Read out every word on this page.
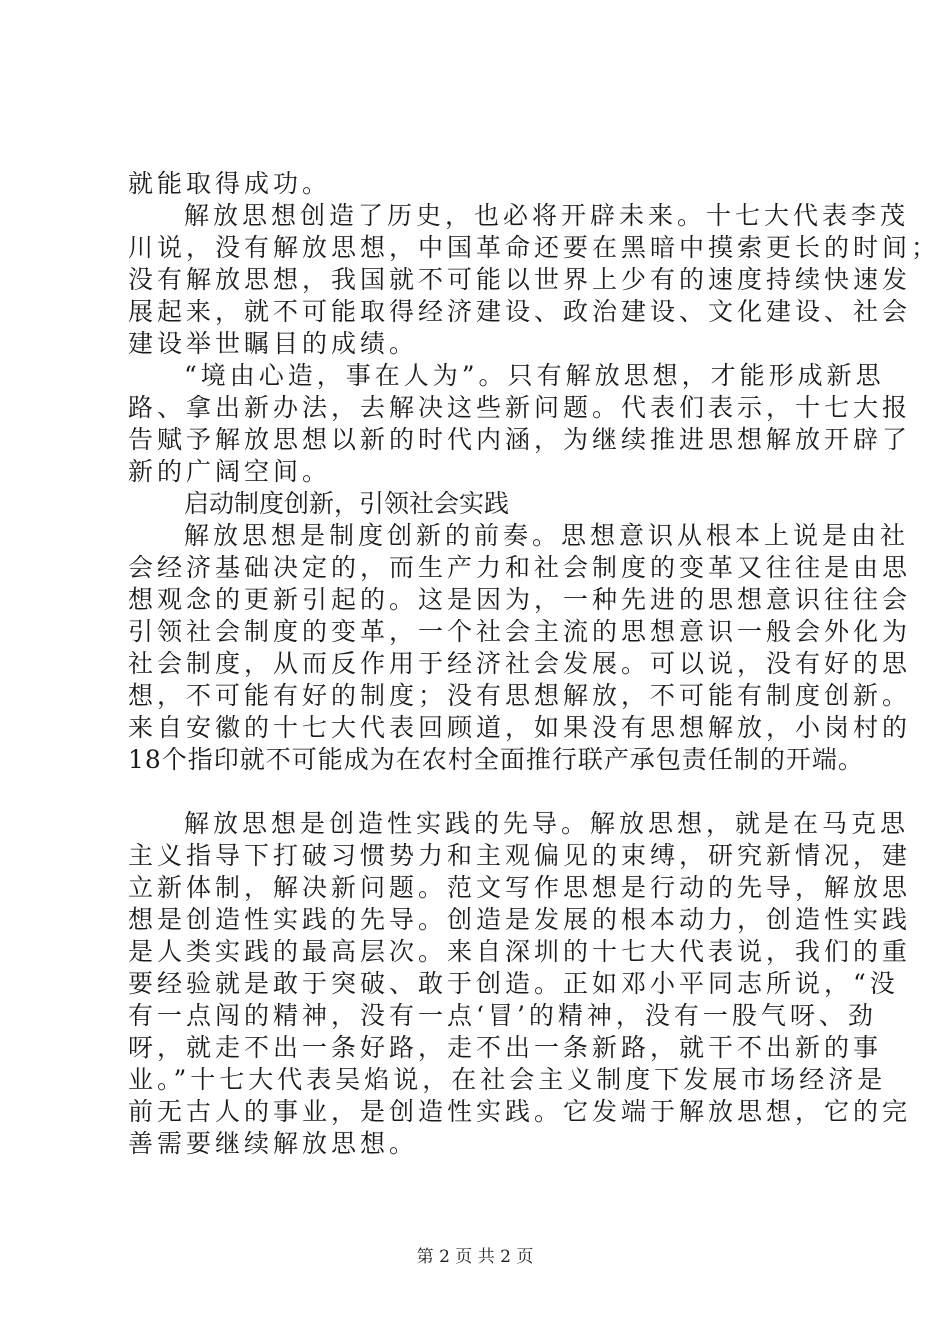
就能取得成功。
解放思想创造了历史，也必将开辟未来。十七大代表李茂
川说，没有解放思想，中国革命还要在黑暗中摸索更长的时间；
没有解放思想，我国就不可能以世界上少有的速度持续快速发
展起来，就不可能取得经济建设、政治建设、文化建设、社会
建设举世瞩目的成绩。
“境由心造，事在人为”。只有解放思想，才能形成新思
路、拿出新办法，去解决这些新问题。代表们表示，十七大报
告赋予解放思想以新的时代内涵，为继续推进思想解放开辟了
新的广阔空间。
启动制度创新，引领社会实践
解放思想是制度创新的前奏。思想意识从根本上说是由社
会经济基础决定的，而生产力和社会制度的变革又往往是由思
想观念的更新引起的。这是因为，一种先进的思想意识往往会
引领社会制度的变革，一个社会主流的思想意识一般会外化为
社会制度，从而反作用于经济社会发展。可以说，没有好的思
想，不可能有好的制度；没有思想解放，不可能有制度创新。
来自安徽的十七大代表回顾道，如果没有思想解放，小岗村的
18个指印就不可能成为在农村全面推行联产承包责任制的开端。
解放思想是创造性实践的先导。解放思想，就是在马克思
主义指导下打破习惯势力和主观偏见的束缚，研究新情况，建
立新体制，解决新问题。范文写作思想是行动的先导，解放思
想是创造性实践的先导。创造是发展的根本动力，创造性实践
是人类实践的最高层次。来自深圳的十七大代表说，我们的重
要经验就是敢于突破、敢于创造。正如邓小平同志所说，“没
有一点闯的精神，没有一点‘冒’的精神，没有一股气呀、劲
呀，就走不出一条好路，走不出一条新路，就干不出新的事
业。”十七大代表吴焰说，在社会主义制度下发展市场经济是
前无古人的事业，是创造性实践。它发端于解放思想，它的完
善需要继续解放思想。
第 2 页 共 2 页
